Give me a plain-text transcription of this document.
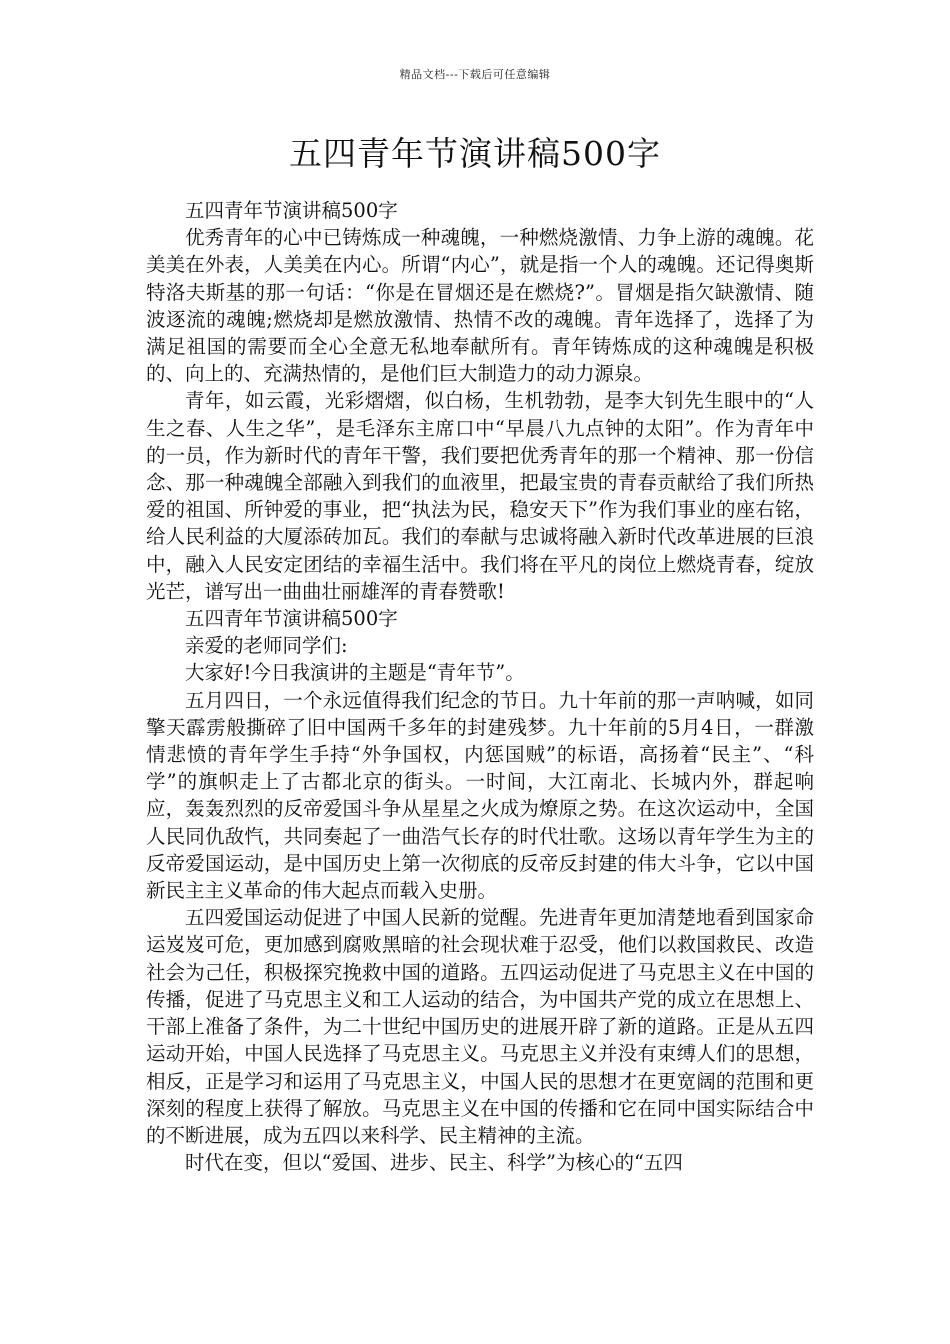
精品文档---下载后可任意编辑
五四青年节演讲稿500字

五四青年节演讲稿500字

优秀青年的心中已铸炼成一种魂魄，一种燃烧激情、力争上游的魂魄。花美美在外表，人美美在内心。所谓“内心”，就是指一个人的魂魄。还记得奥斯特洛夫斯基的那一句话：“你是在冒烟还是在燃烧?”。冒烟是指欠缺激情、随波逐流的魂魄;燃烧却是燃放激情、热情不改的魂魄。青年选择了，选择了为满足祖国的需要而全心全意无私地奉献所有。青年铸炼成的这种魂魄是积极的、向上的、充满热情的，是他们巨大制造力的动力源泉。

青年，如云霞，光彩熠熠，似白杨，生机勃勃，是李大钊先生眼中的“人生之春、人生之华”，是毛泽东主席口中“早晨八九点钟的太阳”。作为青年中的一员，作为新时代的青年干警，我们要把优秀青年的那一个精神、那一份信念、那一种魂魄全部融入到我们的血液里，把最宝贵的青春贡献给了我们所热爱的祖国、所钟爱的事业，把“执法为民，稳安天下”作为我们事业的座右铭，给人民利益的大厦添砖加瓦。我们的奉献与忠诚将融入新时代改革进展的巨浪中，融入人民安定团结的幸福生活中。我们将在平凡的岗位上燃烧青春，绽放光芒，谱写出一曲曲壮丽雄浑的青春赞歌!

五四青年节演讲稿500字

亲爱的老师同学们:

大家好!今日我演讲的主题是“青年节”。

五月四日，一个永远值得我们纪念的节日。九十年前的那一声呐喊，如同擎天霹雳般撕碎了旧中国两千多年的封建残梦。九十年前的5月4日，一群激情悲愤的青年学生手持“外争国权，内惩国贼”的标语，高扬着“民主”、“科学”的旗帜走上了古都北京的街头。一时间，大江南北、长城内外，群起响应，轰轰烈烈的反帝爱国斗争从星星之火成为燎原之势。在这次运动中，全国人民同仇敌忾，共同奏起了一曲浩气长存的时代壮歌。这场以青年学生为主的反帝爱国运动，是中国历史上第一次彻底的反帝反封建的伟大斗争，它以中国新民主主义革命的伟大起点而载入史册。

五四爱国运动促进了中国人民新的觉醒。先进青年更加清楚地看到国家命运岌岌可危，更加感到腐败黑暗的社会现状难于忍受，他们以救国救民、改造社会为己任，积极探究挽救中国的道路。五四运动促进了马克思主义在中国的传播，促进了马克思主义和工人运动的结合，为中国共产党的成立在思想上、干部上准备了条件，为二十世纪中国历史的进展开辟了新的道路。正是从五四运动开始，中国人民选择了马克思主义。马克思主义并没有束缚人们的思想，相反，正是学习和运用了马克思主义，中国人民的思想才在更宽阔的范围和更深刻的程度上获得了解放。马克思主义在中国的传播和它在同中国实际结合中的不断进展，成为五四以来科学、民主精神的主流。

时代在变，但以“爱国、进步、民主、科学”为核心的“五四
